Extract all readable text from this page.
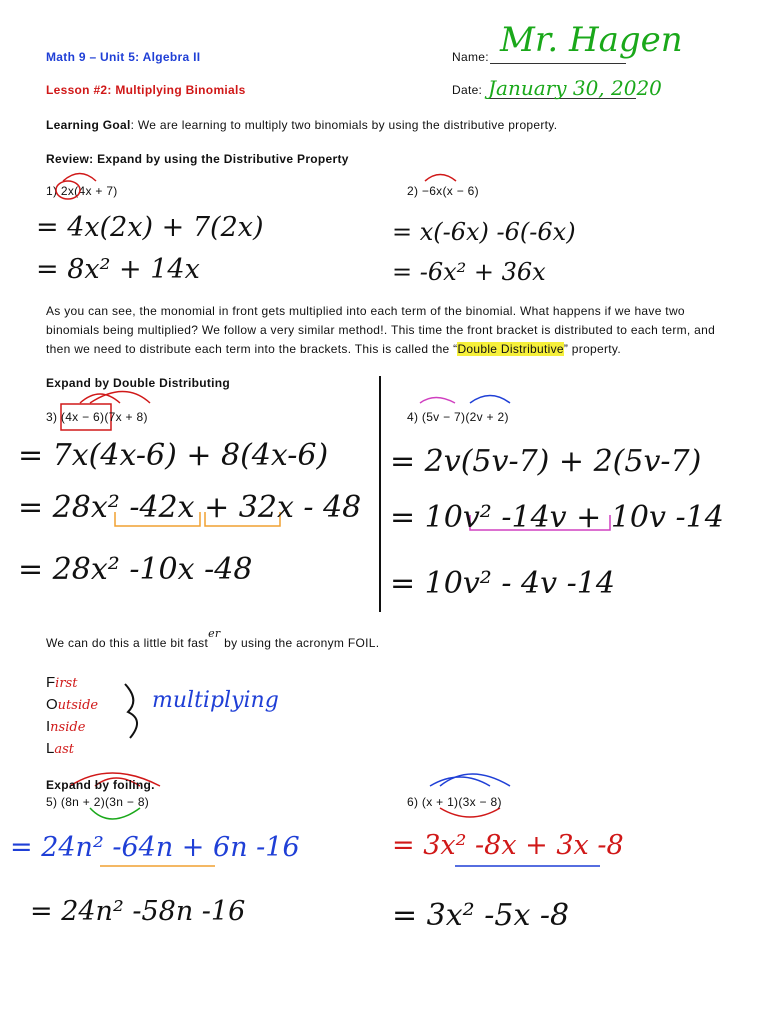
Math 9 – Unit 5: Algebra II
Lesson #2: Multiplying Binomials
Name: Mr. Hagen
Date: January 30, 2020
Learning Goal: We are learning to multiply two binomials by using the distributive property.
Review: Expand by using the Distributive Property
1) 2x(4x + 7)
= 4x(2x) + 7(2x)
= 8x² + 14x
2) −6x(x − 6)
= x(-6x) -6(-6x)
= -6x² + 36x
As you can see, the monomial in front gets multiplied into each term of the binomial. What happens if we have two binomials being multiplied? We follow a very similar method!. This time the front bracket is distributed to each term, and then we need to distribute each term into the brackets. This is called the “Double Distributive” property.
Expand by Double Distributing
3) (4x − 6)(7x + 8)
= 7x(4x-6) + 8(4x-6)
= 28x² -42x + 32x - 48
= 28x² -10x -48
4) (5v − 7)(2v + 2)
= 2v(5v-7) + 2(5v-7)
= 10v² -14v + 10v -14
= 10v² - 4v -14
We can do this a little bit faster by using the acronym FOIL.
First
Outside
Inside
Last
multiplying
Expand by foiling.
5) (8n + 2)(3n − 8)
= 24n² -64n + 6n -16
= 24n² -58n -16
6) (x + 1)(3x − 8)
= 3x² -8x + 3x -8
= 3x² -5x -8
